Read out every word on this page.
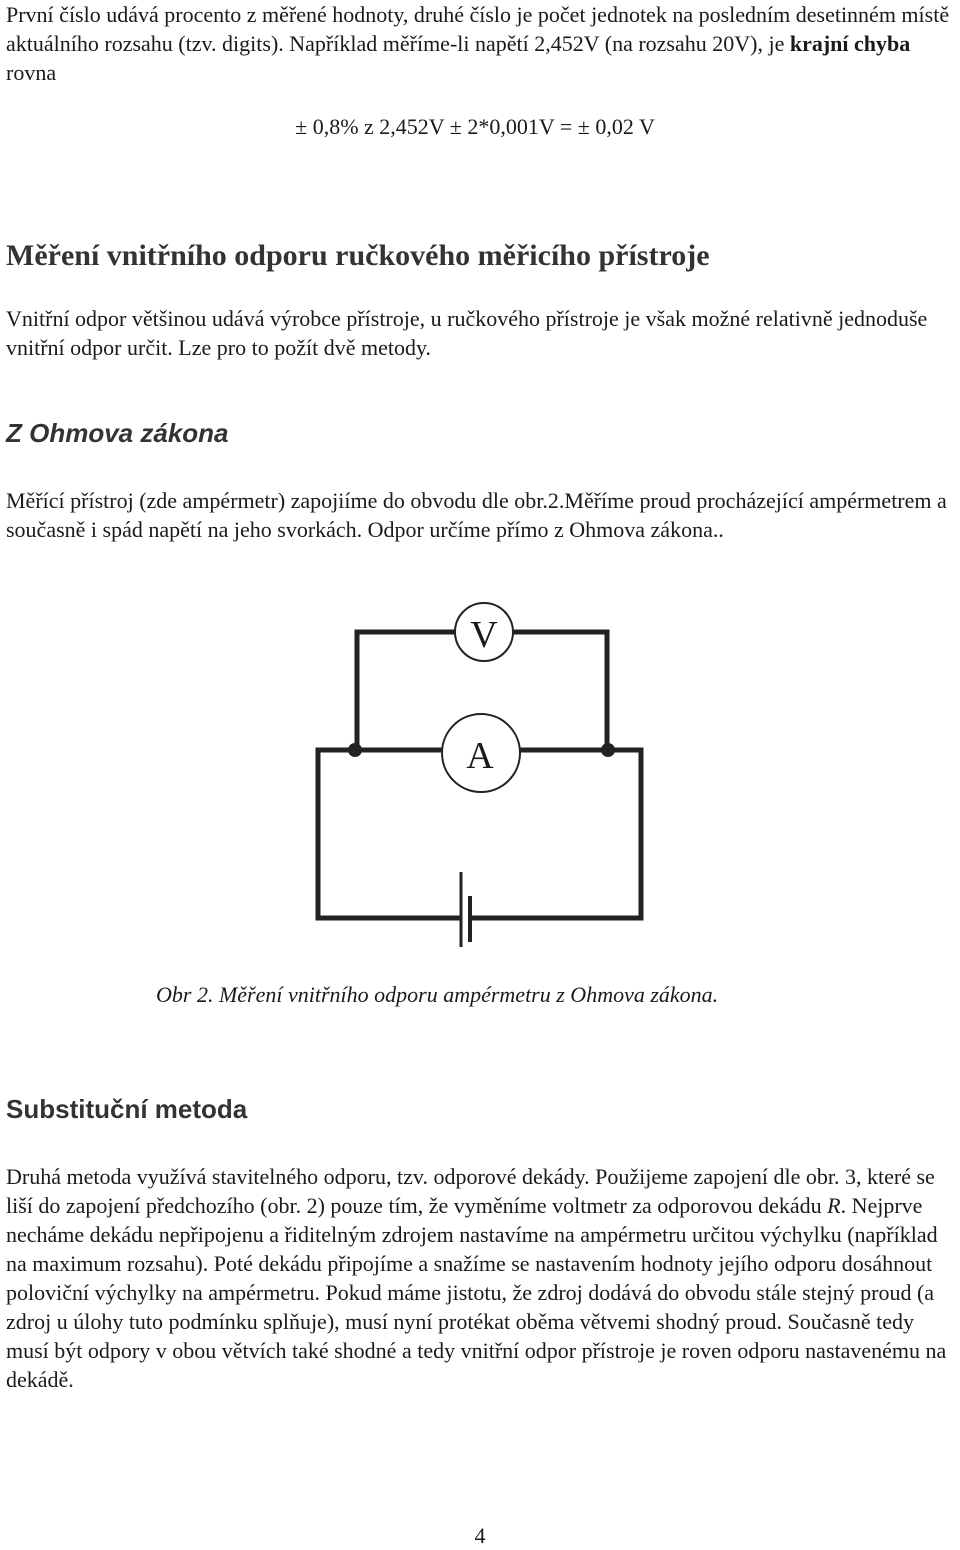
První číslo udává procento z měřené hodnoty, druhé číslo je počet jednotek na posledním desetinném místě aktuálního rozsahu (tzv. digits). Například měříme-li napětí 2,452V (na rozsahu 20V), je krajní chyba rovna

± 0,8% z 2,452V ± 2*0,001V = ± 0,02 V

Měření vnitřního odporu ručkového měřicího přístroje

Vnitřní odpor většinou udává výrobce přístroje, u ručkového přístroje je však možné relativně jednoduše vnitřní odpor určit. Lze pro to požít dvě metody.

Z Ohmova zákona

Měřící přístroj (zde ampérmetr) zapojiíme do obvodu dle obr.2.Měříme proud procházející ampérmetrem a současně i spád napětí na jeho svorkách. Odpor určíme přímo z Ohmova zákona..

V
A

Obr 2. Měření vnitřního odporu ampérmetru z Ohmova zákona.

Substituční metoda

Druhá metoda využívá stavitelného odporu, tzv. odporové dekády. Použijeme zapojení dle obr. 3, které se liší do zapojení předchozího (obr. 2) pouze tím, že vyměníme voltmetr za odporovou dekádu R. Nejprve necháme dekádu nepřipojenu a řiditelným zdrojem nastavíme na ampérmetru určitou výchylku (například na maximum rozsahu). Poté dekádu připojíme a snažíme se nastavením hodnoty jejího odporu dosáhnout poloviční výchylky na ampérmetru. Pokud máme jistotu, že zdroj dodává do obvodu stále stejný proud (a zdroj u úlohy tuto podmínku splňuje), musí nyní protékat oběma větvemi shodný proud. Současně tedy musí být odpory v obou větvích také shodné a tedy vnitřní odpor přístroje je roven odporu nastavenému na dekádě.

4
